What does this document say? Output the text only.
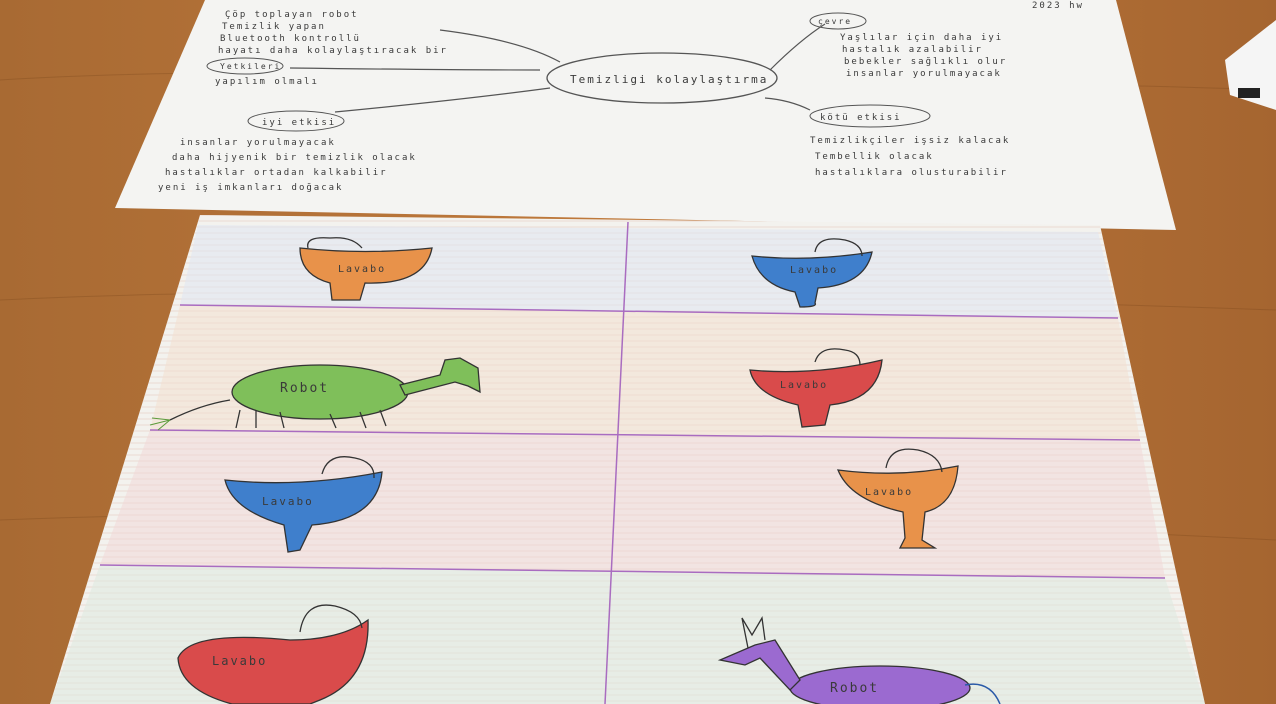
2023 hw
Temizligi kolaylaştırma
Çöp toplayan robot
Temizlik yapan
Bluetooth kontrollü
hayatı daha kolaylaştıracak bir
Yetkileri
yapılım olmalı
iyi etkisi
insanlar yorulmayacak
daha hijyenik bir temizlik olacak
hastalıklar ortadan kalkabilir
yeni iş imkanları doğacak
çevre
Yaşlılar için daha iyi
hastalık azalabilir
bebekler sağlıklı olur
insanlar yorulmayacak
kötü etkisi
Temizlikçiler işsiz kalacak
Tembellik olacak
hastalıklara olusturabilir
Lavabo	Lavabo
Robot	Lavabo
Lavabo
Lavabo
Lavabo
Robot
